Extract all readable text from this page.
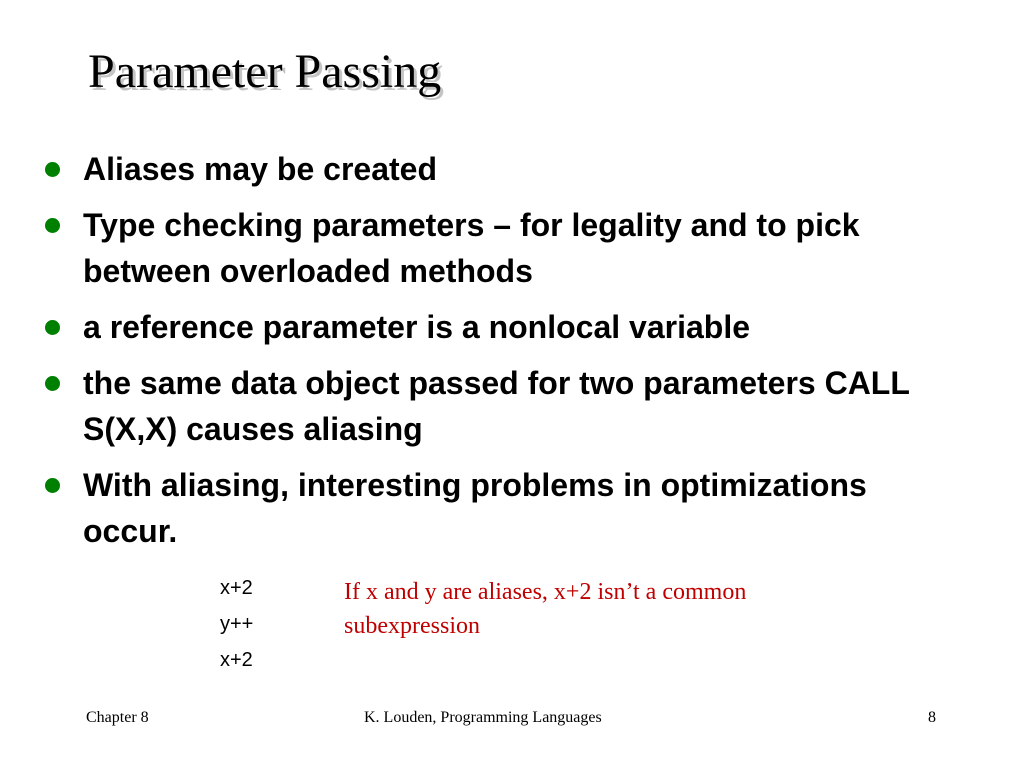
Parameter Passing
Aliases may be created
Type checking parameters – for legality and to pick between overloaded methods
a reference parameter is a nonlocal variable
the same data object passed for two parameters CALL S(X,X) causes aliasing
With aliasing, interesting problems in optimizations occur.
x+2
y++
x+2
If x and y are aliases, x+2 isn’t a common subexpression
Chapter 8	K. Louden, Programming Languages	8
